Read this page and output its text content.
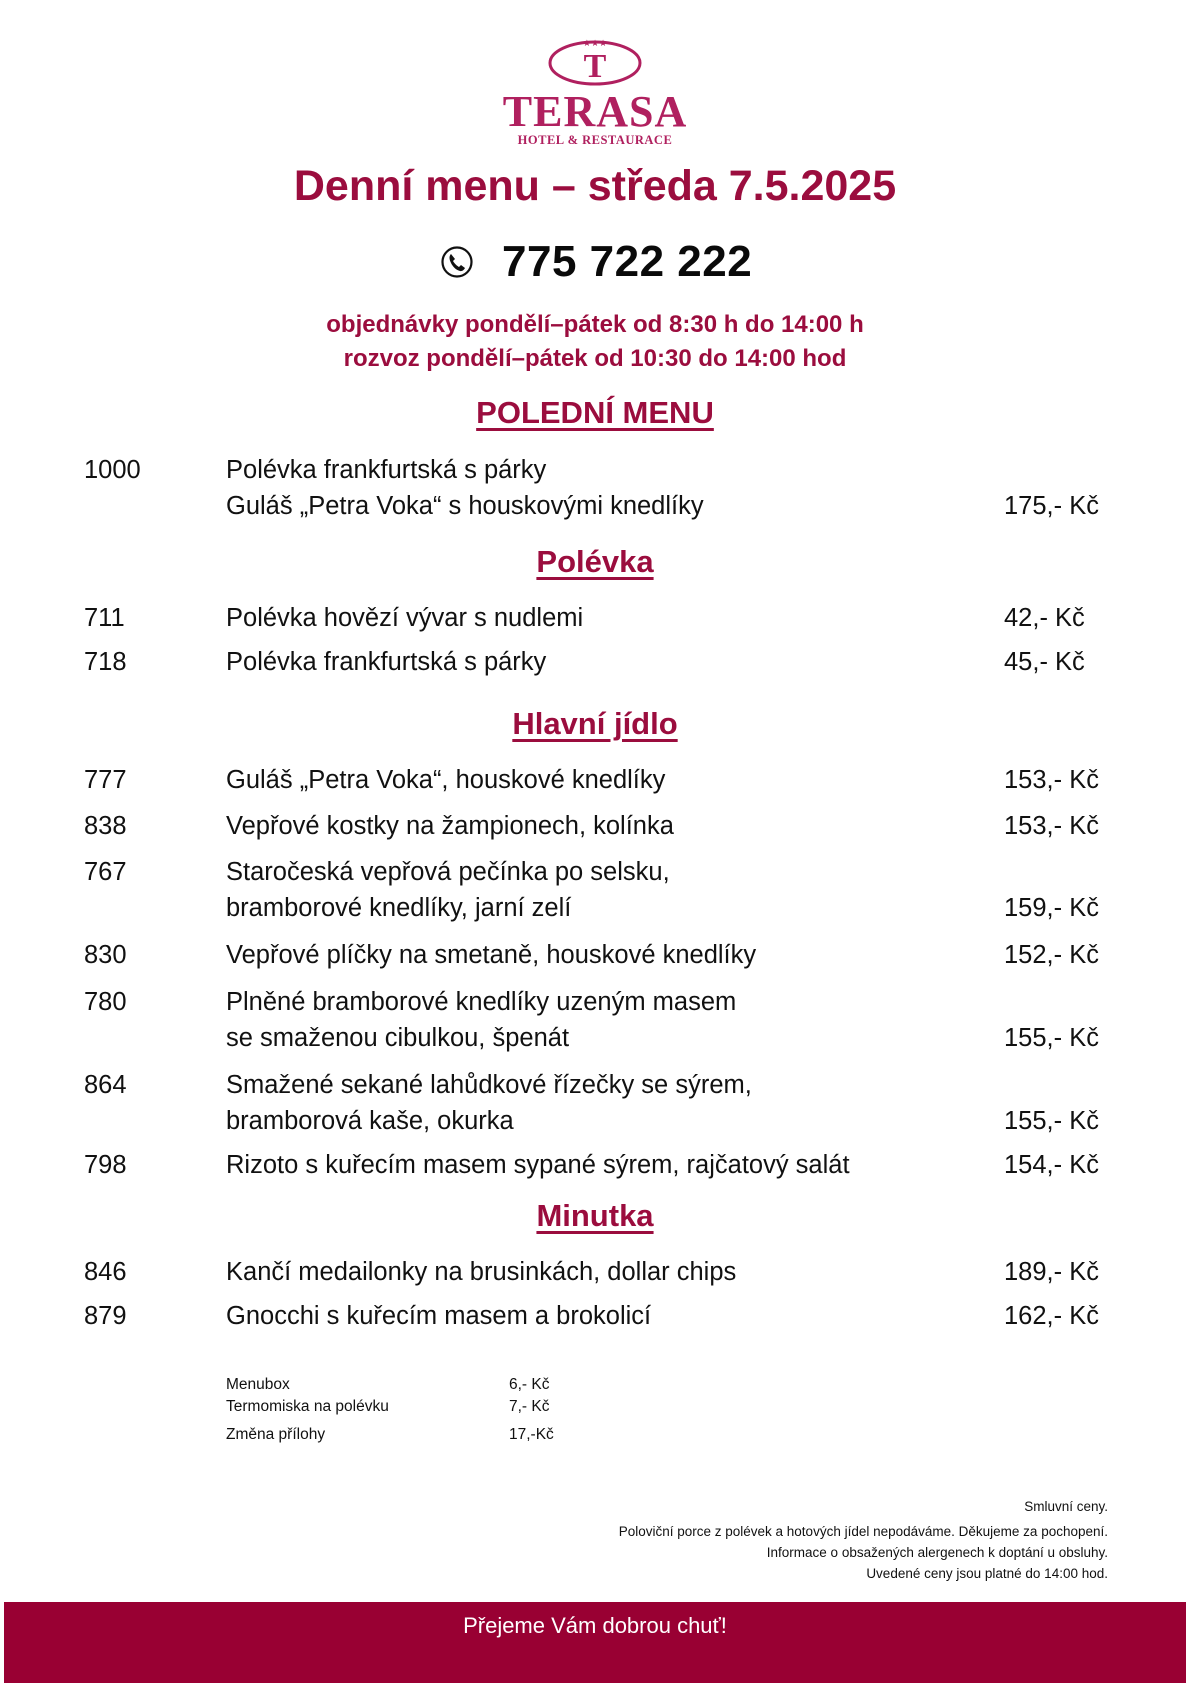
★★★
T
TERASA
HOTEL & RESTAURACE
Denní menu – středa 7.5.2025
775 722 222
objednávky pondělí–pátek od 8:30 h do 14:00 h
rozvoz pondělí–pátek od 10:30 do 14:00 hod
POLEDNÍ MENU
1000	Polévka frankfurtská s párky
Guláš „Petra Voka“ s houskovými knedlíky	175,- Kč
Polévka
711	Polévka hovězí vývar s nudlemi	42,- Kč
718	Polévka frankfurtská s párky	45,- Kč
Hlavní jídlo
777	Guláš „Petra Voka“, houskové knedlíky	153,- Kč
838	Vepřové kostky na žampionech, kolínka	153,- Kč
767	Staročeská vepřová pečínka po selsku,
bramborové knedlíky, jarní zelí	159,- Kč
830	Vepřové plíčky na smetaně, houskové knedlíky	152,- Kč
780	Plněné bramborové knedlíky uzeným masem
se smaženou cibulkou, špenát	155,- Kč
864	Smažené sekané lahůdkové řízečky se sýrem,
bramborová kaše, okurka	155,- Kč
798	Rizoto s kuřecím masem sypané sýrem, rajčatový salát	154,- Kč
Minutka
846	Kančí medailonky na brusinkách, dollar chips	189,- Kč
879	Gnocchi s kuřecím masem a brokolicí	162,- Kč
Menubox	6,- Kč
Termomiska na polévku	7,- Kč
Změna přílohy	17,-Kč
Smluvní ceny.
Poloviční porce z polévek a hotových jídel nepodáváme. Děkujeme za pochopení.
Informace o obsažených alergenech k doptání u obsluhy.
Uvedené ceny jsou platné do 14:00 hod.
Přejeme Vám dobrou chuť!
